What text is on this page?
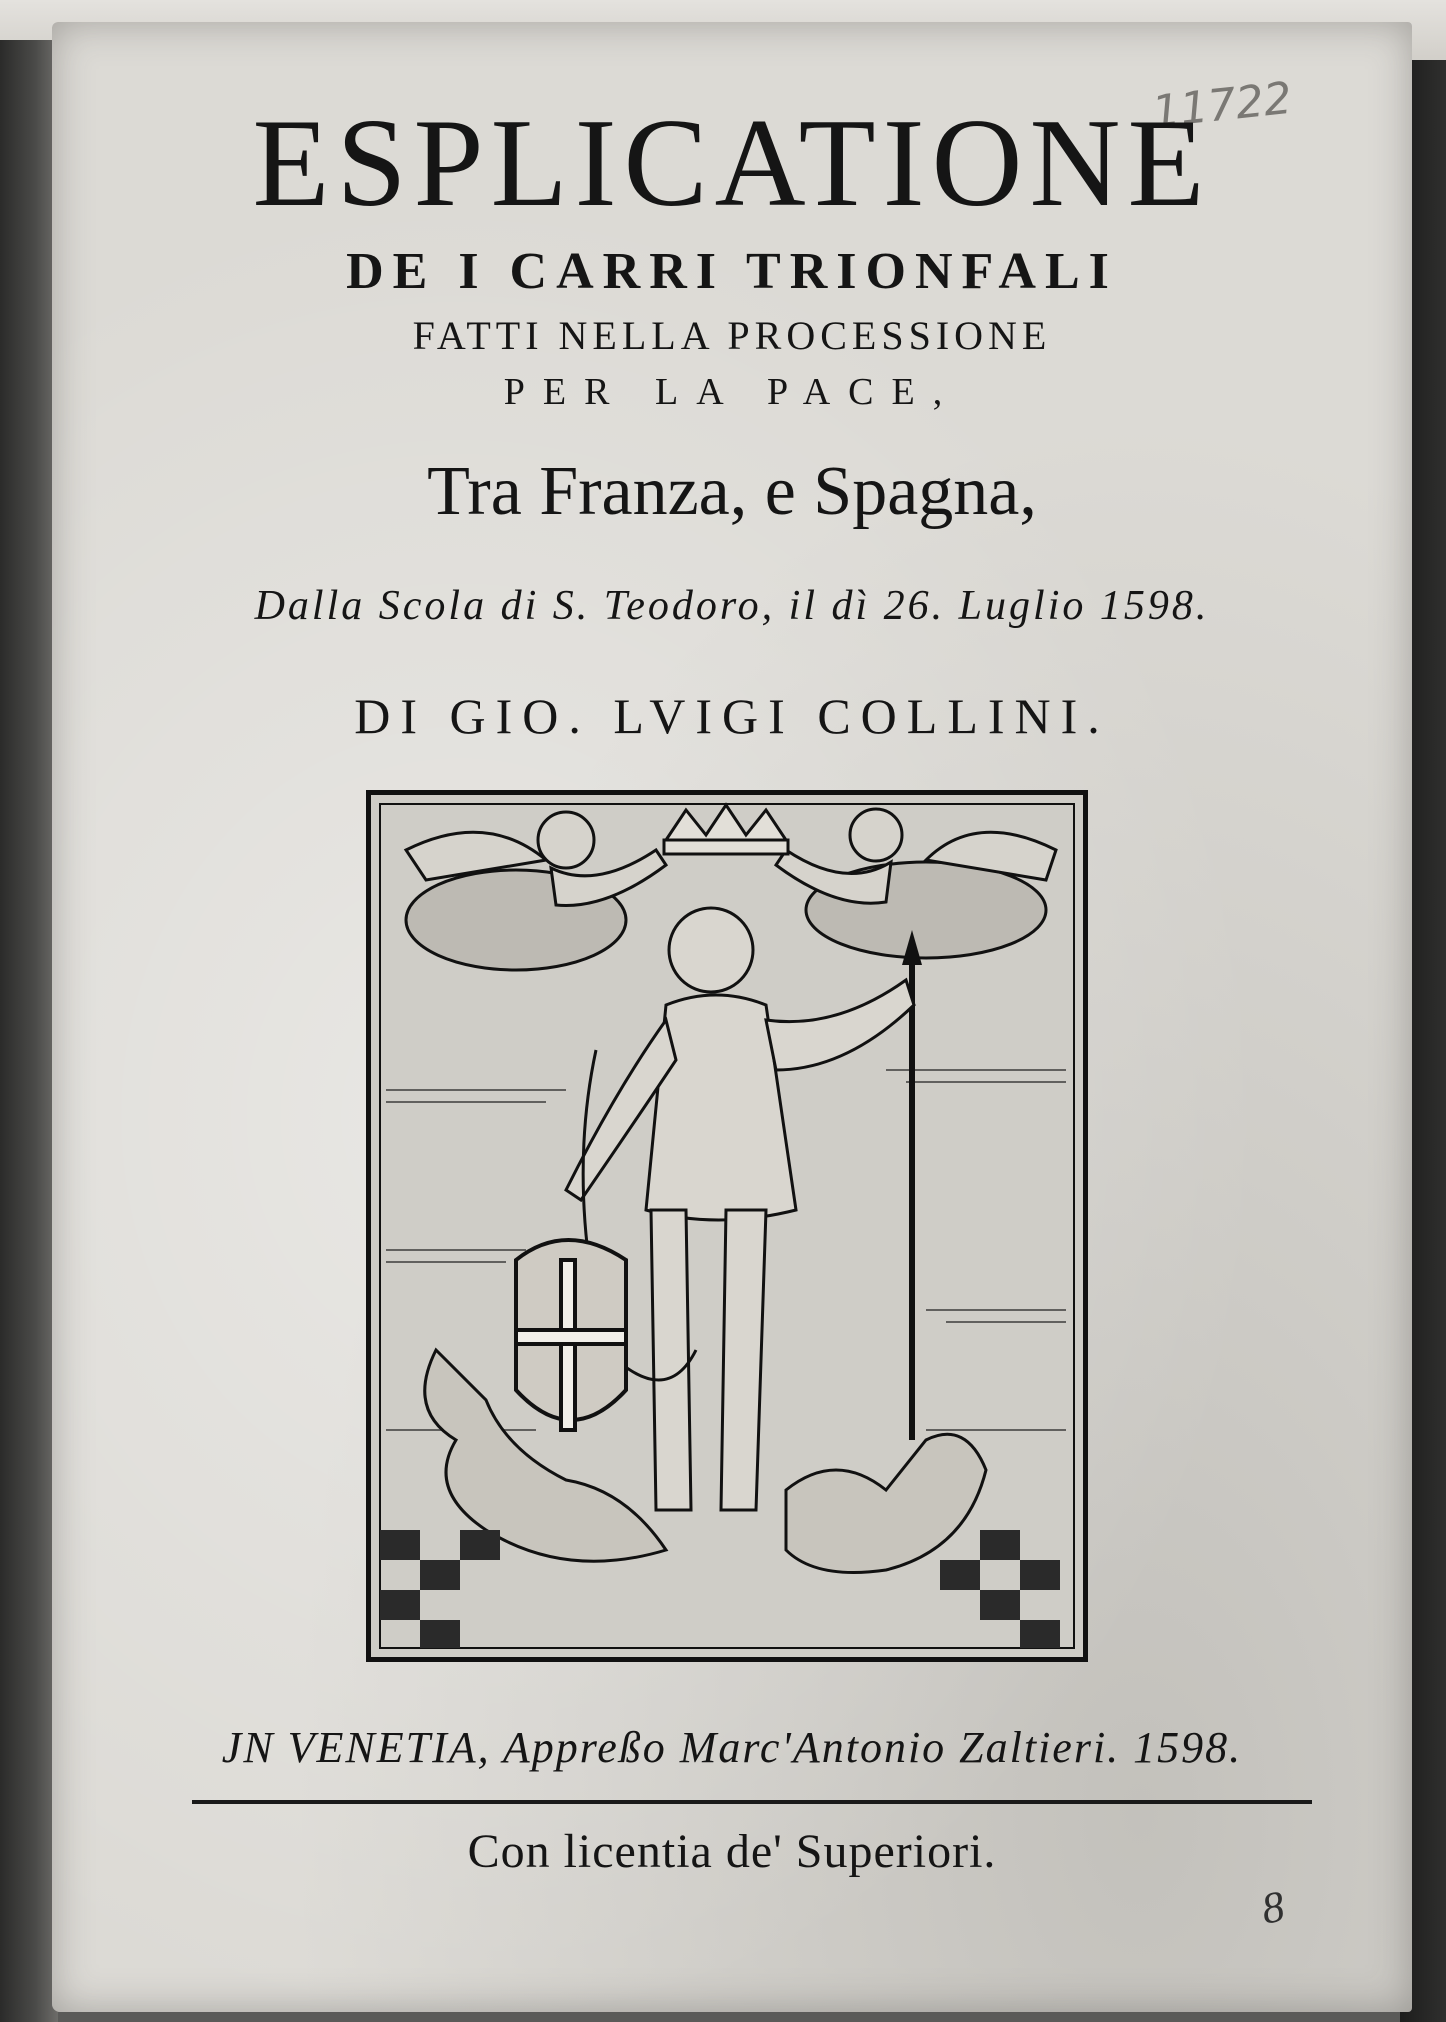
11722
ESPLICATIONE
DE I CARRI TRIONFALI
FATTI NELLA PROCESSIONE
PER LA PACE,
Tra Franza, e Spagna,
Dalla Scola di S. Teodoro, il dì 26. Luglio 1598.
DI GIO. LVIGI COLLINI.
JN VENETIA, Appreßo Marc'Antonio Zaltieri. 1598.
Con licentia de' Superiori.
8
